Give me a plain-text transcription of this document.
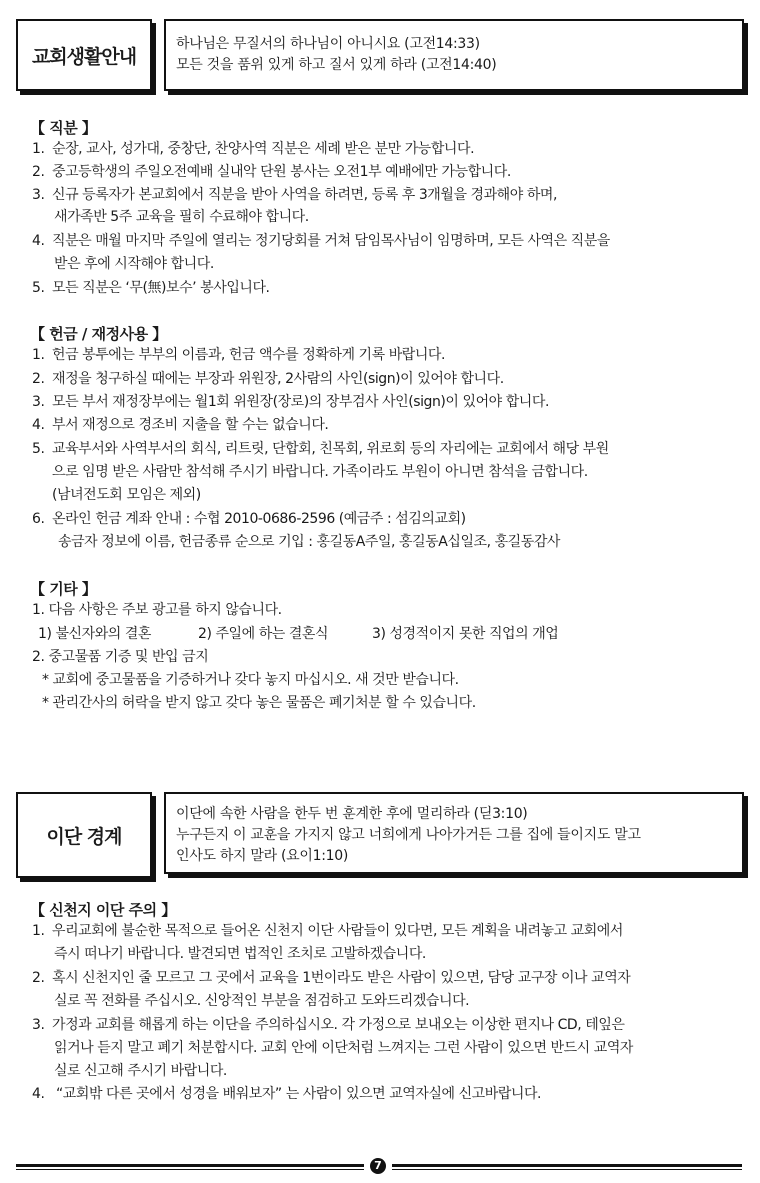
교회생활안내
하나님은 무질서의 하나님이 아니시요 (고전14:33)
모든 것을 품위 있게 하고 질서 있게 하라 (고전14:40)
【 직분 】
1. 순장, 교사, 성가대, 중창단, 찬양사역 직분은 세례 받은 분만 가능합니다.
2. 중고등학생의 주일오전예배 실내악 단원 봉사는 오전1부 예배에만 가능합니다.
3. 신규 등록자가 본교회에서 직분을 받아 사역을 하려면, 등록 후 3개월을 경과해야 하며,
새가족반 5주 교육을 필히 수료해야 합니다.
4. 직분은 매월 마지막 주일에 열리는 정기당회를 거쳐 담임목사님이 임명하며, 모든 사역은 직분을
받은 후에 시작해야 합니다.
5. 모든 직분은 ‘무(無)보수’ 봉사입니다.
【 헌금 / 재정사용 】
1. 헌금 봉투에는 부부의 이름과, 헌금 액수를 정확하게 기록 바랍니다.
2. 재정을 청구하실 때에는 부장과 위원장, 2사람의 사인(sign)이 있어야 합니다.
3. 모든 부서 재정장부에는 월1회 위원장(장로)의 장부검사 사인(sign)이 있어야 합니다.
4. 부서 재정으로 경조비 지출을 할 수는 없습니다.
5. 교육부서와 사역부서의 회식, 리트릿, 단합회, 친목회, 위로회 등의 자리에는 교회에서 해당 부원
으로 임명 받은 사람만 참석해 주시기 바랍니다. 가족이라도 부원이 아니면 참석을 금합니다.
(남녀전도회 모임은 제외)
6. 온라인 헌금 계좌 안내 : 수협 2010-0686-2596 (예금주 : 섬김의교회)
송금자 정보에 이름, 헌금종류 순으로 기입 : 홍길동A주일, 홍길동A십일조, 홍길동감사
【 기타 】
1. 다음 사항은 주보 광고를 하지 않습니다.
1) 불신자와의 결혼	2) 주일에 하는 결혼식	3) 성경적이지 못한 직업의 개업
2. 중고물품 기증 및 반입 금지
* 교회에 중고물품을 기증하거나 갖다 놓지 마십시오. 새 것만 받습니다.
* 관리간사의 허락을 받지 않고 갖다 놓은 물품은 폐기처분 할 수 있습니다.
이단 경계
이단에 속한 사람을 한두 번 훈계한 후에 멀리하라 (딛3:10)
누구든지 이 교훈을 가지지 않고 너희에게 나아가거든 그를 집에 들이지도 말고
인사도 하지 말라 (요이1:10)
【 신천지 이단 주의 】
1. 우리교회에 불순한 목적으로 들어온 신천지 이단 사람들이 있다면, 모든 계획을 내려놓고 교회에서
즉시 떠나기 바랍니다. 발견되면 법적인 조치로 고발하겠습니다.
2. 혹시 신천지인 줄 모르고 그 곳에서 교육을 1번이라도 받은 사람이 있으면, 담당 교구장 이나 교역자
실로 꼭 전화를 주십시오. 신앙적인 부분을 점검하고 도와드리겠습니다.
3. 가정과 교회를 해롭게 하는 이단을 주의하십시오. 각 가정으로 보내오는 이상한 편지나 CD, 테잎은
읽거나 듣지 말고 폐기 처분합시다. 교회 안에 이단처럼 느껴지는 그런 사람이 있으면 반드시 교역자
실로 신고해 주시기 바랍니다.
4. “교회밖 다른 곳에서 성경을 배워보자” 는 사람이 있으면 교역자실에 신고바랍니다.
7
